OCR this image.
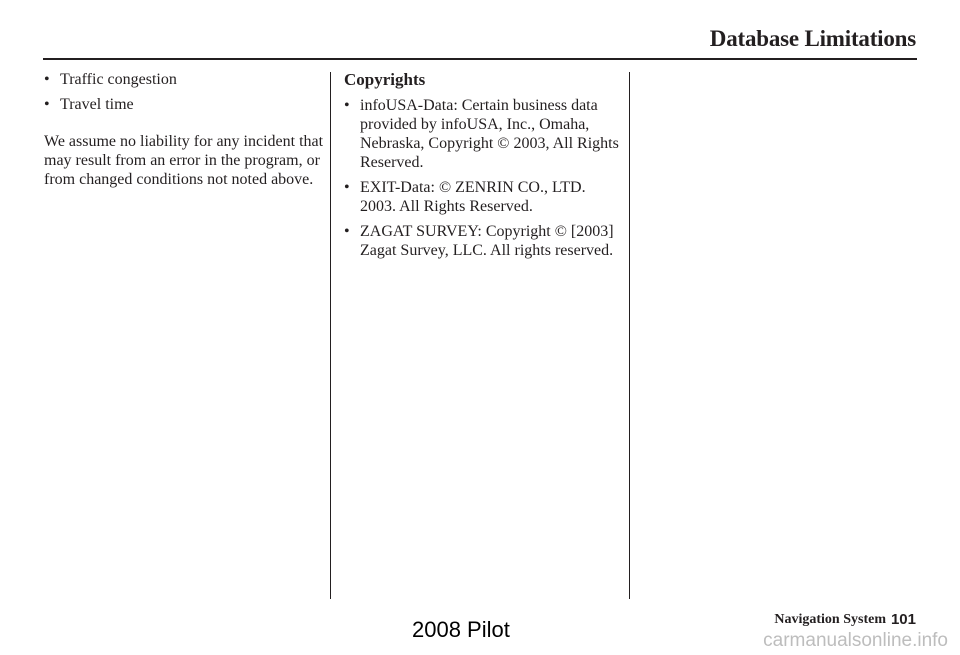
Database Limitations
• Traffic congestion
• Travel time
We assume no liability for any incident that may result from an error in the program, or from changed conditions not noted above.
Copyrights
• infoUSA-Data: Certain business data provided by infoUSA, Inc., Omaha, Nebraska, Copyright © 2003, All Rights Reserved.
• EXIT-Data: © ZENRIN CO., LTD. 2003. All Rights Reserved.
• ZAGAT SURVEY: Copyright © [2003] Zagat Survey, LLC. All rights reserved.
Navigation System 101
2008 Pilot	carmanualsonline.info
